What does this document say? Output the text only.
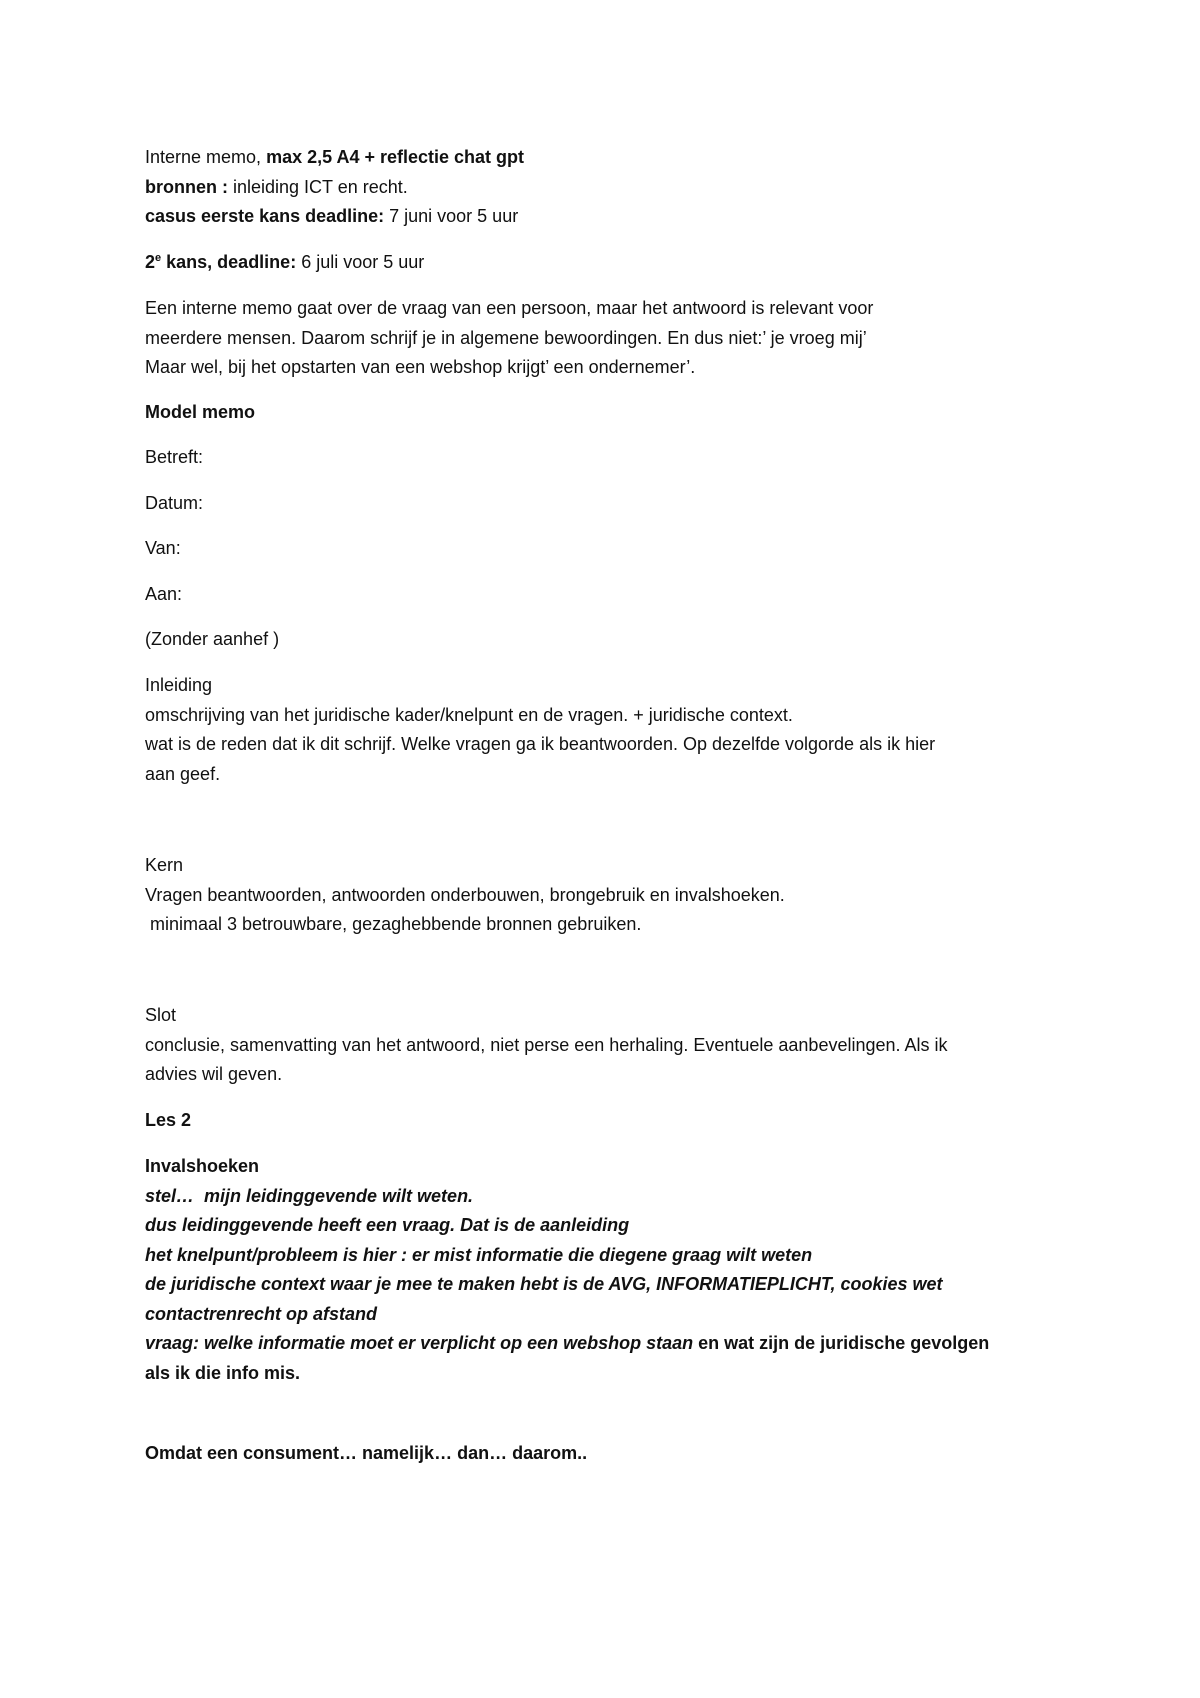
Interne memo, max 2,5 A4 + reflectie chat gpt
bronnen : inleiding ICT en recht.
casus eerste kans deadline: 7 juni voor 5 uur
2e kans, deadline: 6 juli voor 5 uur
Een interne memo gaat over de vraag van een persoon, maar het antwoord is relevant voor
meerdere mensen. Daarom schrijf je in algemene bewoordingen. En dus niet:’ je vroeg mij’
Maar wel, bij het opstarten van een webshop krijgt’ een ondernemer’.
Model memo
Betreft:
Datum:
Van:
Aan:
(Zonder aanhef )
Inleiding
omschrijving van het juridische kader/knelpunt en de vragen. + juridische context.
wat is de reden dat ik dit schrijf. Welke vragen ga ik beantwoorden. Op dezelfde volgorde als ik hier
aan geef.
Kern
Vragen beantwoorden, antwoorden onderbouwen, brongebruik en invalshoeken.
minimaal 3 betrouwbare, gezaghebbende bronnen gebruiken.
Slot
conclusie, samenvatting van het antwoord, niet perse een herhaling. Eventuele aanbevelingen. Als ik
advies wil geven.
Les 2
Invalshoeken
stel…  mijn leidinggevende wilt weten.
dus leidinggevende heeft een vraag. Dat is de aanleiding
het knelpunt/probleem is hier : er mist informatie die diegene graag wilt weten
de juridische context waar je mee te maken hebt is de AVG, INFORMATIEPLICHT, cookies wet
contactrenrecht op afstand
vraag: welke informatie moet er verplicht op een webshop staan en wat zijn de juridische gevolgen
als ik die info mis.
Omdat een consument… namelijk… dan… daarom..
